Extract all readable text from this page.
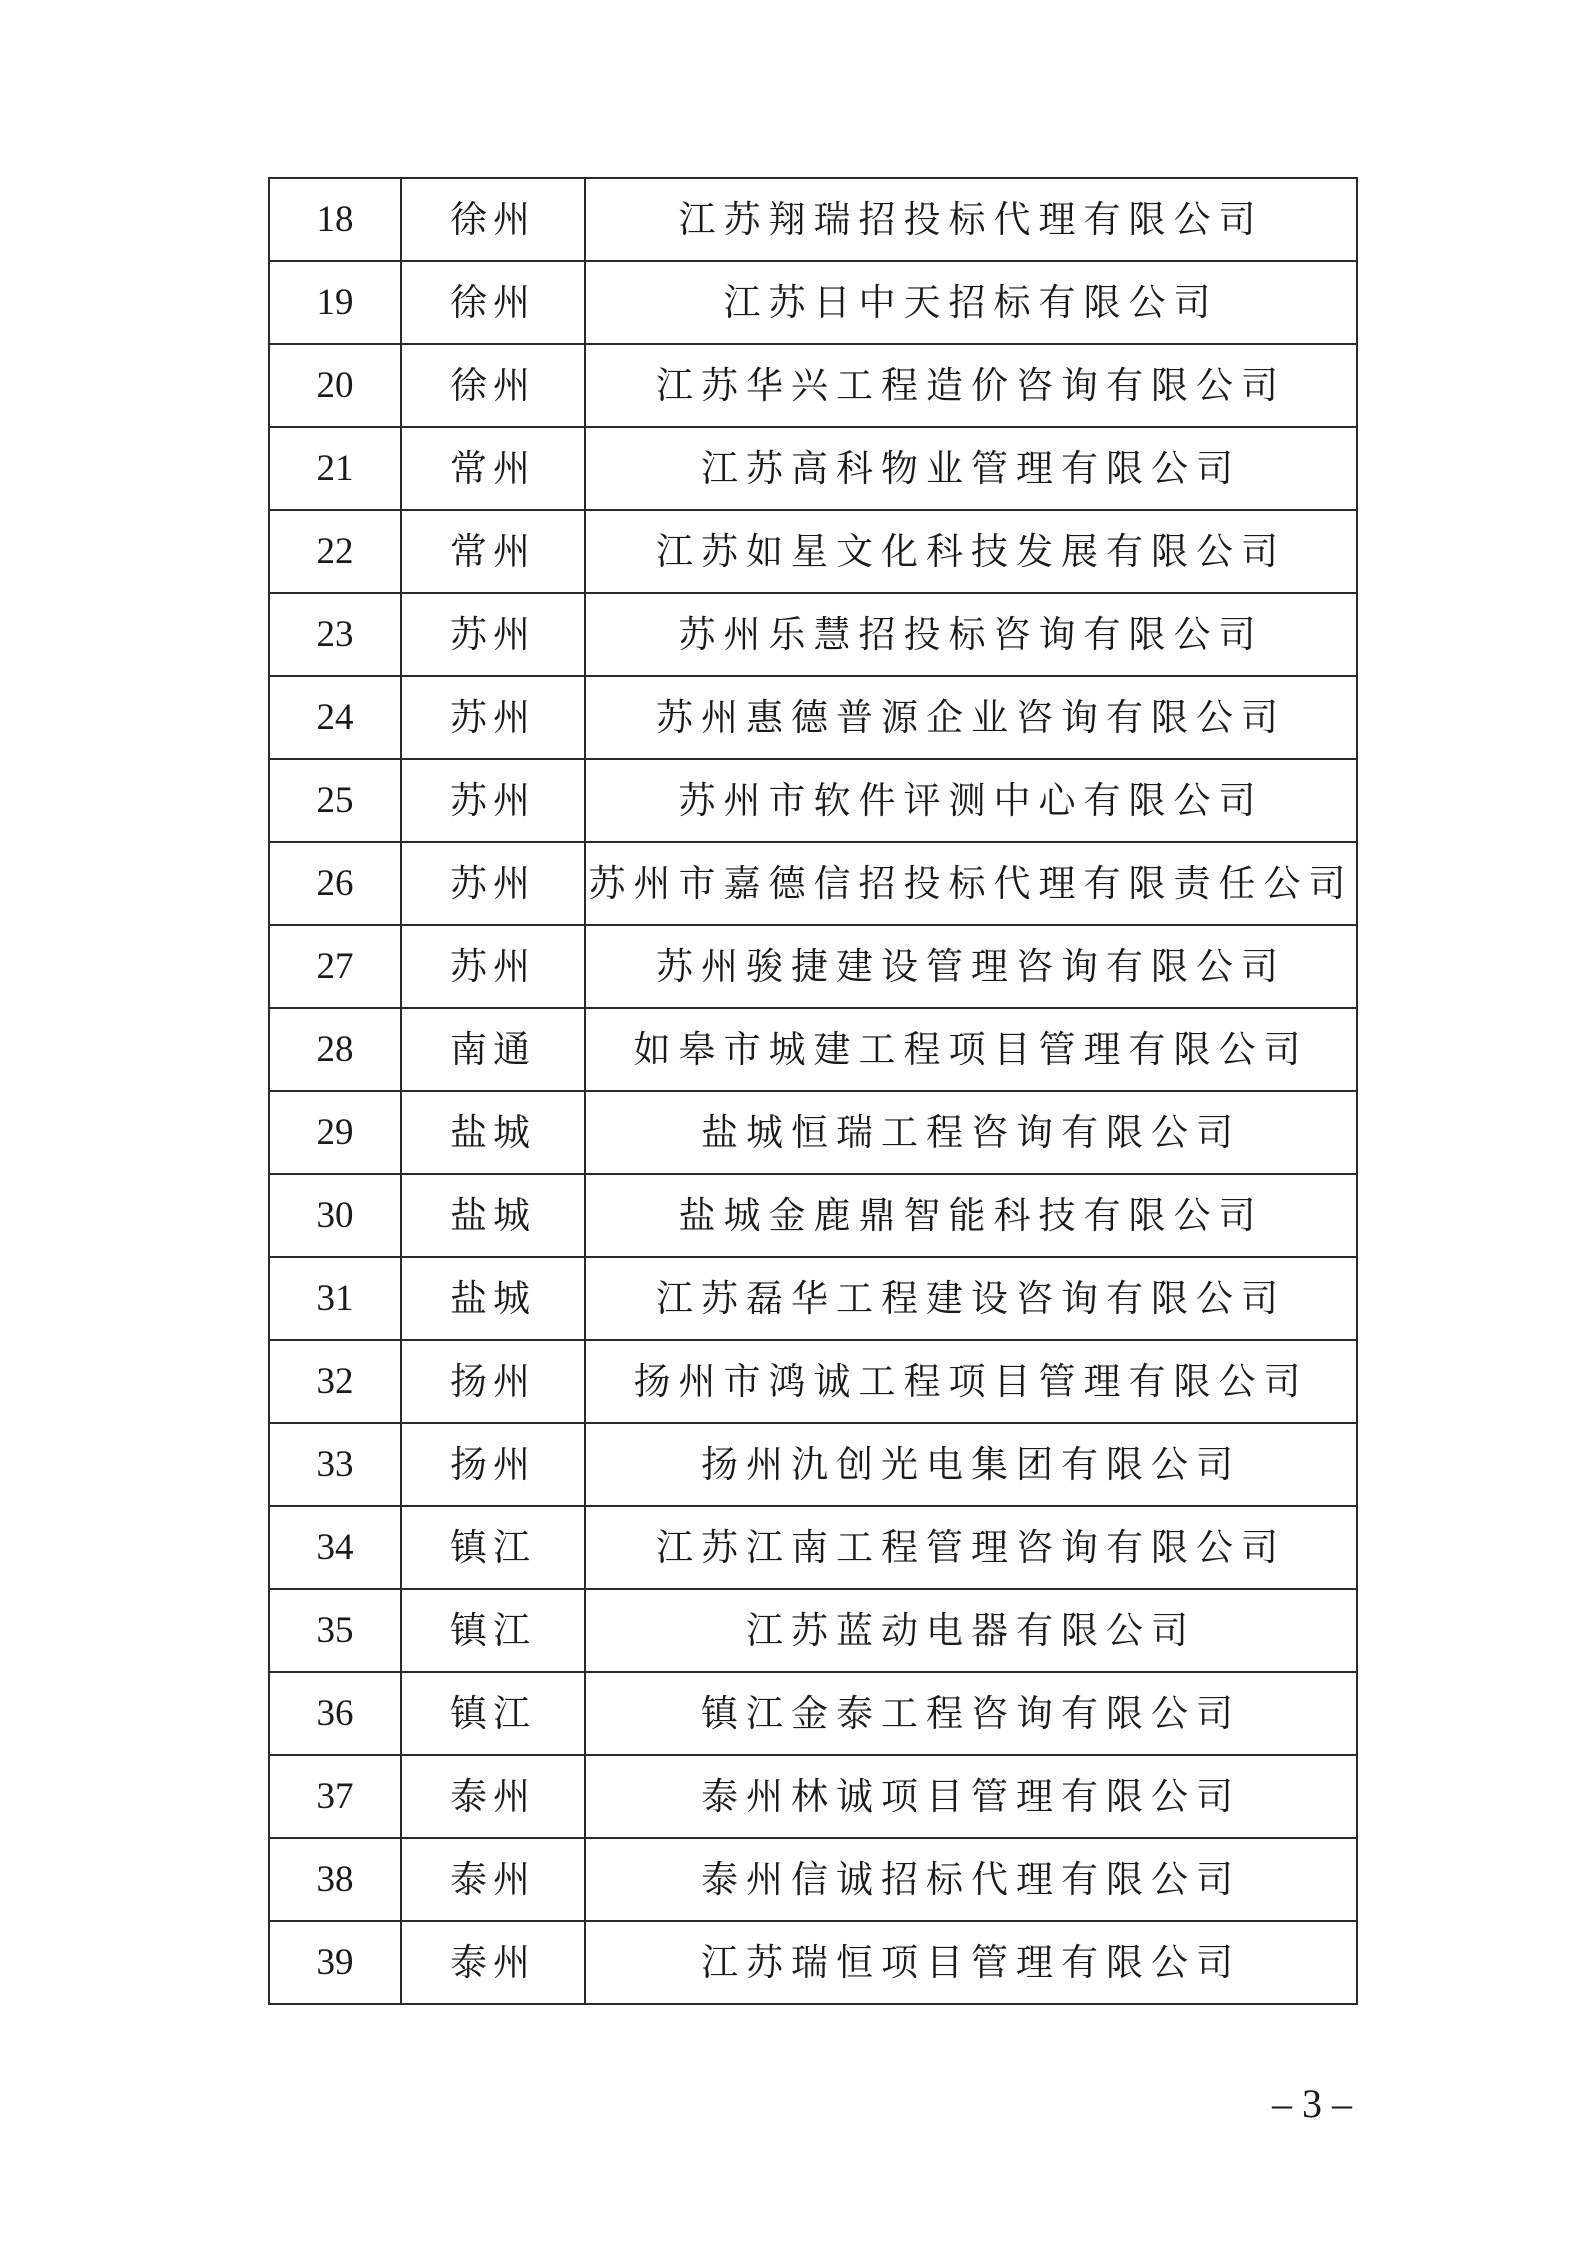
18	徐州	江苏翔瑞招投标代理有限公司
19	徐州	江苏日中天招标有限公司
20	徐州	江苏华兴工程造价咨询有限公司
21	常州	江苏高科物业管理有限公司
22	常州	江苏如星文化科技发展有限公司
23	苏州	苏州乐慧招投标咨询有限公司
24	苏州	苏州惠德普源企业咨询有限公司
25	苏州	苏州市软件评测中心有限公司
26	苏州	苏州市嘉德信招投标代理有限责任公司
27	苏州	苏州骏捷建设管理咨询有限公司
28	南通	如皋市城建工程项目管理有限公司
29	盐城	盐城恒瑞工程咨询有限公司
30	盐城	盐城金鹿鼎智能科技有限公司
31	盐城	江苏磊华工程建设咨询有限公司
32	扬州	扬州市鸿诚工程项目管理有限公司
33	扬州	扬州氿创光电集团有限公司
34	镇江	江苏江南工程管理咨询有限公司
35	镇江	江苏蓝动电器有限公司
36	镇江	镇江金泰工程咨询有限公司
37	泰州	泰州林诚项目管理有限公司
38	泰州	泰州信诚招标代理有限公司
39	泰州	江苏瑞恒项目管理有限公司
– 3 –
